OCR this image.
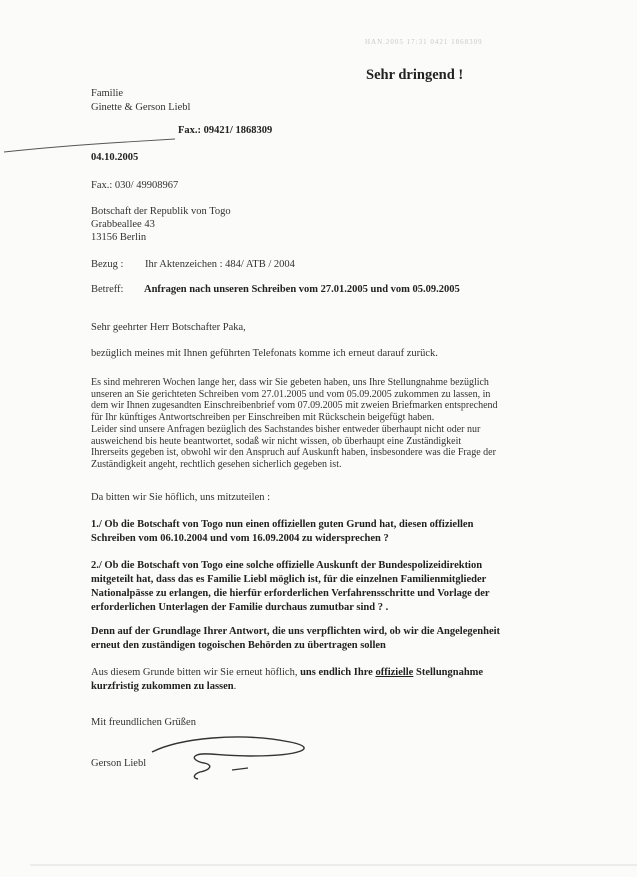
HAN.2005 17:31 0421 1868309
Sehr dringend !
Familie
Ginette & Gerson Liebl
Fax.: 09421/ 1868309
04.10.2005
Fax.: 030/ 49908967
Botschaft der Republik von Togo
Grabbeallee 43
13156 Berlin
Bezug : Ihr Aktenzeichen : 484/ ATB / 2004
Betreff: Anfragen nach unseren Schreiben vom 27.01.2005 und vom 05.09.2005
Sehr geehrter Herr Botschafter Paka,
bezüglich meines mit Ihnen geführten Telefonats komme ich erneut darauf zurück.
Es sind mehreren Wochen lange her, dass wir Sie gebeten haben, uns Ihre Stellungnahme bezüglich
unseren an Sie gerichteten Schreiben vom 27.01.2005 und vom 05.09.2005 zukommen zu lassen, in
dem wir Ihnen zugesandten Einschreibenbrief vom 07.09.2005 mit zweien Briefmarken entsprechend
für Ihr künftiges Antwortschreiben per Einschreiben mit Rückschein beigefügt haben.
Leider sind unsere Anfragen bezüglich des Sachstandes bisher entweder überhaupt nicht oder nur
ausweichend bis heute beantwortet, sodaß wir nicht wissen, ob überhaupt eine Zuständigkeit
Ihrerseits gegeben ist, obwohl wir den Anspruch auf Auskunft haben, insbesondere was die Frage der
Zuständigkeit angeht, rechtlich gesehen sicherlich gegeben ist.
Da bitten wir Sie höflich, uns mitzuteilen :
1./ Ob die Botschaft von Togo nun einen offiziellen guten Grund hat, diesen offiziellen
Schreiben vom 06.10.2004 und vom 16.09.2004 zu widersprechen ?
2./ Ob die Botschaft von Togo eine solche offizielle Auskunft der Bundespolizeidirektion
mitgeteilt hat, dass das es Familie Liebl möglich ist, für die einzelnen Familienmitglieder
Nationalpässe zu erlangen, die hierfür erforderlichen Verfahrensschritte und Vorlage der
erforderlichen Unterlagen der Familie durchaus zumutbar sind ? .
Denn auf der Grundlage Ihrer Antwort, die uns verpflichten wird, ob wir die Angelegenheit
erneut den zuständigen togoischen Behörden zu übertragen sollen
Aus diesem Grunde bitten wir Sie erneut höflich, uns endlich Ihre offizielle Stellungnahme
kurzfristig zukommen zu lassen.
Mit freundlichen Grüßen
Gerson Liebl
